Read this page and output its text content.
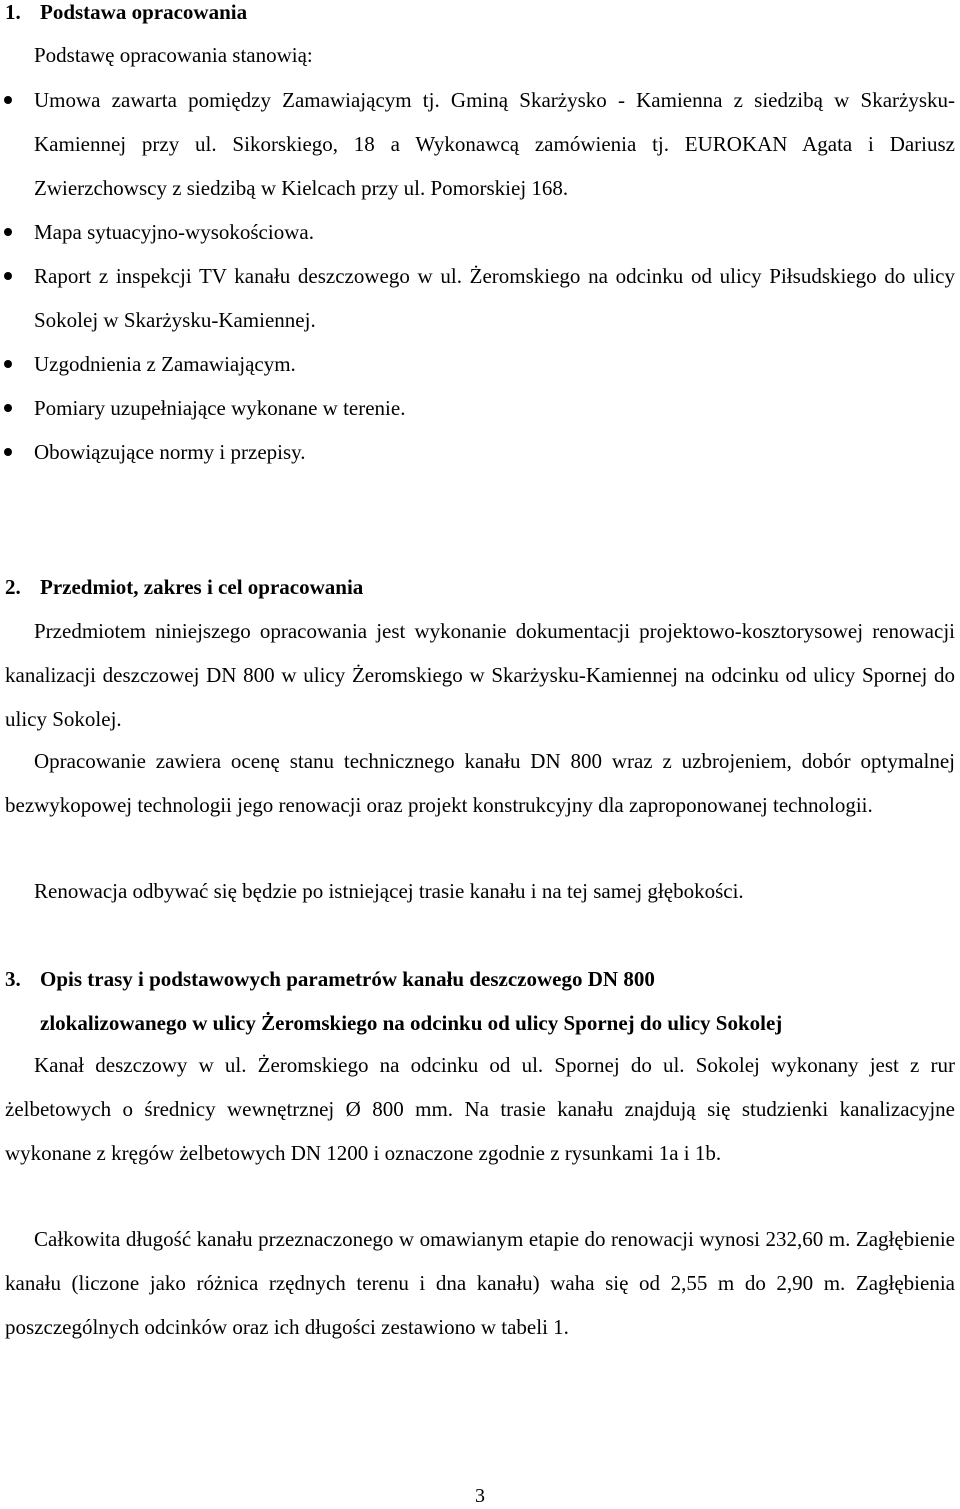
1. Podstawa opracowania

Podstawę opracowania stanowią:

Umowa zawarta pomiędzy Zamawiającym tj. Gminą Skarżysko - Kamienna z siedzibą w Skarżysku-Kamiennej przy ul. Sikorskiego, 18 a Wykonawcą zamówienia tj. EUROKAN Agata i Dariusz Zwierzchowscy z siedzibą w Kielcach przy ul. Pomorskiej 168.
Mapa sytuacyjno-wysokościowa.
Raport z inspekcji TV kanału deszczowego w ul. Żeromskiego na odcinku od ulicy Piłsudskiego do ulicy Sokolej w Skarżysku-Kamiennej.
Uzgodnienia z Zamawiającym.
Pomiary uzupełniające wykonane w terenie.
Obowiązujące normy i przepisy.
2. Przedmiot, zakres i cel opracowania

Przedmiotem niniejszego opracowania jest wykonanie dokumentacji projektowo-kosztorysowej renowacji kanalizacji deszczowej DN 800 w ulicy Żeromskiego w Skarżysku-Kamiennej na odcinku od ulicy Spornej do ulicy Sokolej.

Opracowanie zawiera ocenę stanu technicznego kanału DN 800 wraz z uzbrojeniem, dobór optymalnej bezwykopowej technologii jego renowacji oraz projekt konstrukcyjny dla zaproponowanej technologii.

Renowacja odbywać się będzie po istniejącej trasie kanału i na tej samej głębokości.

3. Opis trasy i podstawowych parametrów kanału deszczowego DN 800
zlokalizowanego w ulicy Żeromskiego na odcinku od ulicy Spornej do ulicy Sokolej

Kanał deszczowy w ul. Żeromskiego na odcinku od ul. Spornej do ul. Sokolej wykonany jest z rur żelbetowych o średnicy wewnętrznej Ø 800 mm. Na trasie kanału znajdują się studzienki kanalizacyjne wykonane z kręgów żelbetowych DN 1200 i oznaczone zgodnie z rysunkami 1a i 1b.

Całkowita długość kanału przeznaczonego w omawianym etapie do renowacji wynosi 232,60 m. Zagłębienie kanału (liczone jako różnica rzędnych terenu i dna kanału) waha się od 2,55 m do 2,90 m. Zagłębienia poszczególnych odcinków oraz ich długości zestawiono w tabeli 1.

3
